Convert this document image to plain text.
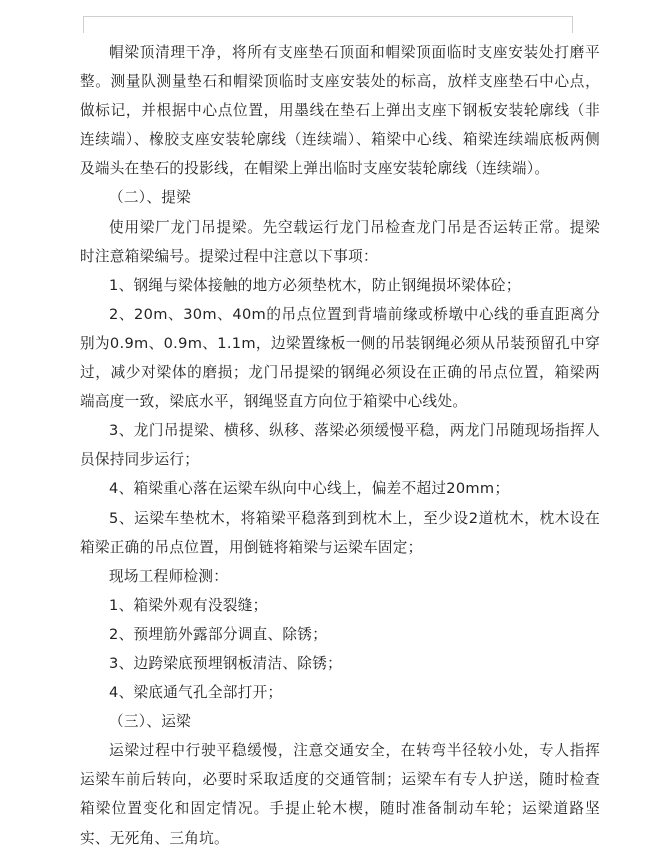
帽梁顶清理干净，将所有支座垫石顶面和帽梁顶面临时支座安装处打磨平整。测量队测量垫石和帽梁顶临时支座安装处的标高，放样支座垫石中心点，做标记，并根据中心点位置，用墨线在垫石上弹出支座下钢板安装轮廓线（非连续端）、橡胶支座安装轮廓线（连续端）、箱梁中心线、箱梁连续端底板两侧及端头在垫石的投影线，在帽梁上弹出临时支座安装轮廓线（连续端）。

（二）、提梁

使用梁厂龙门吊提梁。先空载运行龙门吊检查龙门吊是否运转正常。提梁时注意箱梁编号。提梁过程中注意以下事项：

1、钢绳与梁体接触的地方必须垫枕木，防止钢绳损坏梁体砼；

2、20m、30m、40m的吊点位置到背墙前缘或桥墩中心线的垂直距离分别为0.9m、0.9m、1.1m，边梁置缘板一侧的吊装钢绳必须从吊装预留孔中穿过，减少对梁体的磨损；龙门吊提梁的钢绳必须设在正确的吊点位置，箱梁两端高度一致，梁底水平，钢绳竖直方向位于箱梁中心线处。

3、龙门吊提梁、横移、纵移、落梁必须缓慢平稳，两龙门吊随现场指挥人员保持同步运行；

4、箱梁重心落在运梁车纵向中心线上，偏差不超过20mm；

5、运梁车垫枕木，将箱梁平稳落到到枕木上，至少设2道枕木，枕木设在箱梁正确的吊点位置，用倒链将箱梁与运梁车固定；

现场工程师检测：

1、箱梁外观有没裂缝；

2、预埋筋外露部分调直、除锈；

3、边跨梁底预埋钢板清洁、除锈；

4、梁底通气孔全部打开；

（三）、运梁

运梁过程中行驶平稳缓慢，注意交通安全，在转弯半径较小处，专人指挥运梁车前后转向，必要时采取适度的交通管制；运梁车有专人护送，随时检查箱梁位置变化和固定情况。手提止轮木楔，随时准备制动车轮；运梁道路坚实、无死角、三角坑。
